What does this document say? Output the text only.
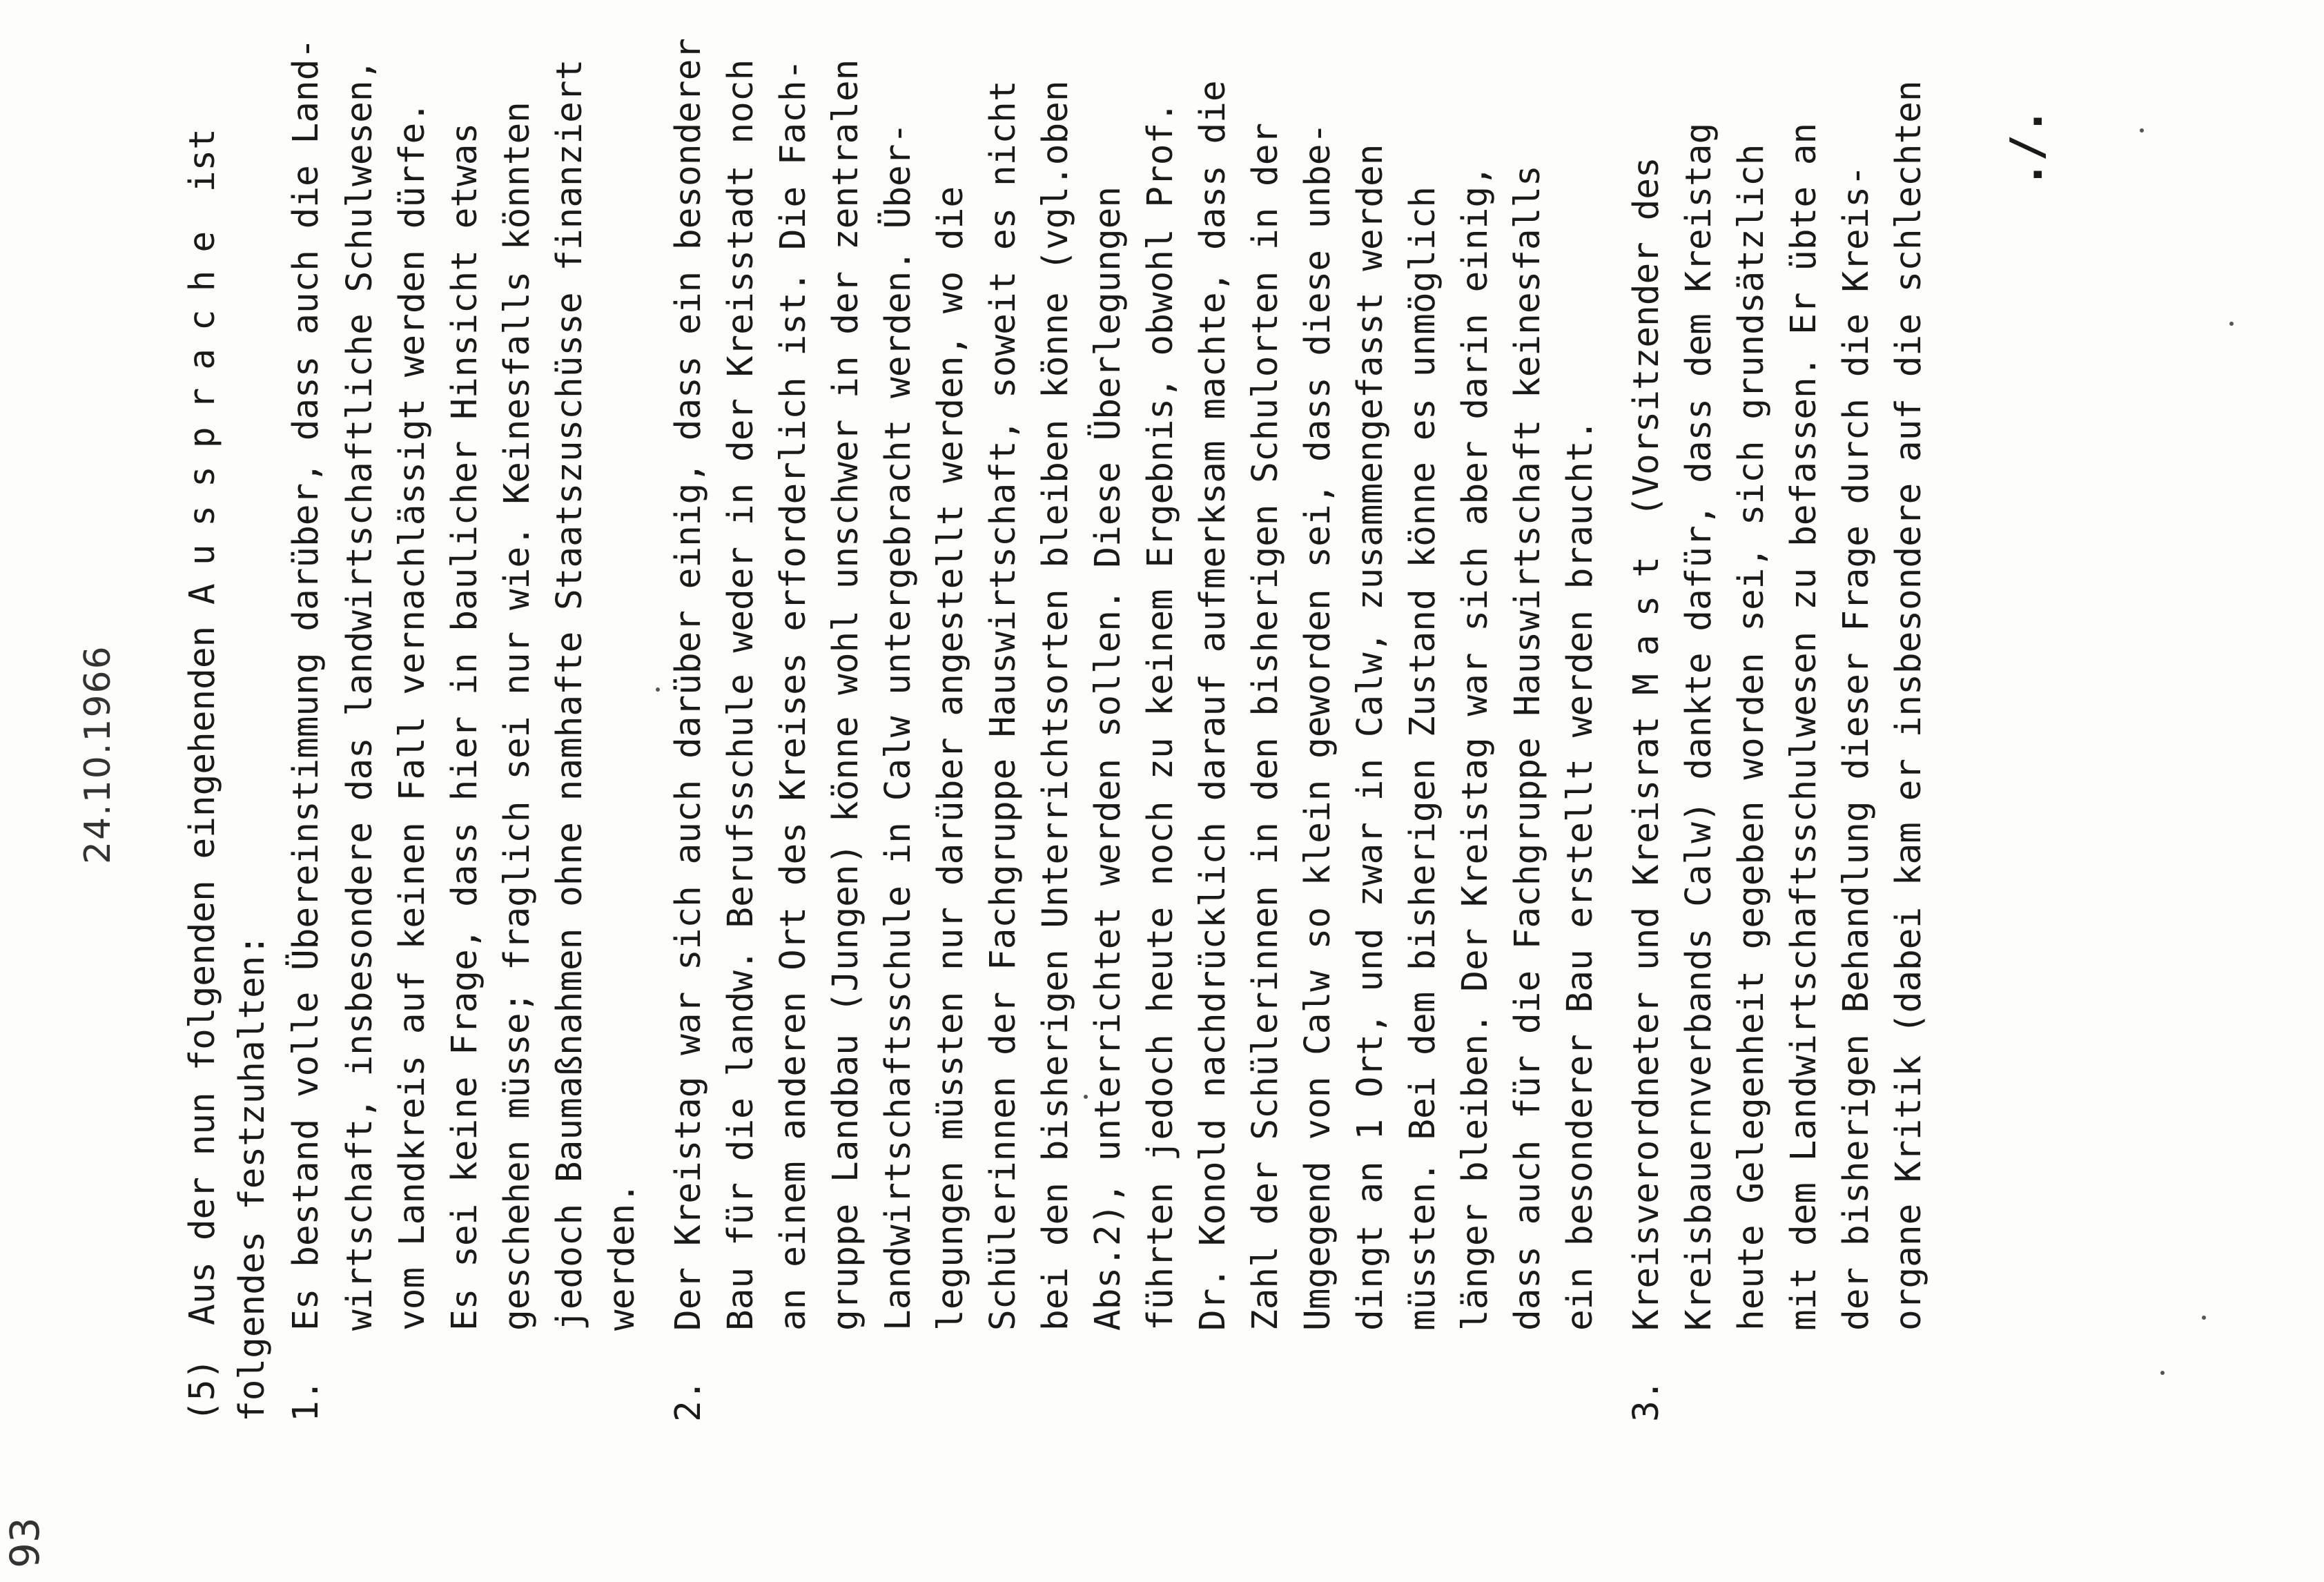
93
24.10.1966
(5)
Aus der nun folgenden eingehenden Aussprache ist
folgendes festzuhalten: 1.
Es bestand volle Übereinstimmung darüber, dass auch die Land- wirtschaft, insbesondere das landwirtschaftliche Schulwesen, vom Landkreis auf keinen Fall vernachlässigt werden dürfe. Es sei keine Frage, dass hier in baulicher Hinsicht etwas geschehen müsse; fraglich sei nur wie. Keinesfalls könnten jedoch Baumaßnahmen ohne namhafte Staatszuschüsse finanziert werden.
2.
Der Kreistag war sich auch darüber einig, dass ein besonderer Bau für die landw. Berufsschule weder in der Kreisstadt noch an einem anderen Ort des Kreises erforderlich ist. Die Fach- gruppe Landbau (Jungen) könne wohl unschwer in der zentralen Landwirtschaftsschule in Calw untergebracht werden. Über- legungen müssten nur darüber angestellt werden, wo die Schülerinnen der Fachgruppe Hauswirtschaft, soweit es nicht bei den bisherigen Unterrichtsorten bleiben könne (vgl.oben Abs.2), unterrichtet werden sollen. Diese Überlegungen führten jedoch heute noch zu keinem Ergebnis, obwohl Prof. Dr. Konold nachdrücklich darauf aufmerksam machte, dass die Zahl der Schülerinnen in den bisherigen Schulorten in der Umgegend von Calw so klein geworden sei, dass diese unbe- dingt an 1 Ort, und zwar in Calw, zusammengefasst werden müssten. Bei dem bisherigen Zustand könne es unmöglich länger bleiben. Der Kreistag war sich aber darin einig, dass auch für die Fachgruppe Hauswirtschaft keinesfalls ein besonderer Bau erstellt werden braucht.
3.
Kreisverordneter und Kreisrat Mast (Vorsitzender des Kreisbauernverbands Calw) dankte dafür, dass dem Kreistag heute Gelegenheit gegeben worden sei, sich grundsätzlich mit dem Landwirtschaftsschulwesen zu befassen. Er übte an der bisherigen Behandlung dieser Frage durch die Kreis- organe Kritik (dabei kam er insbesondere auf die schlechten ./.
